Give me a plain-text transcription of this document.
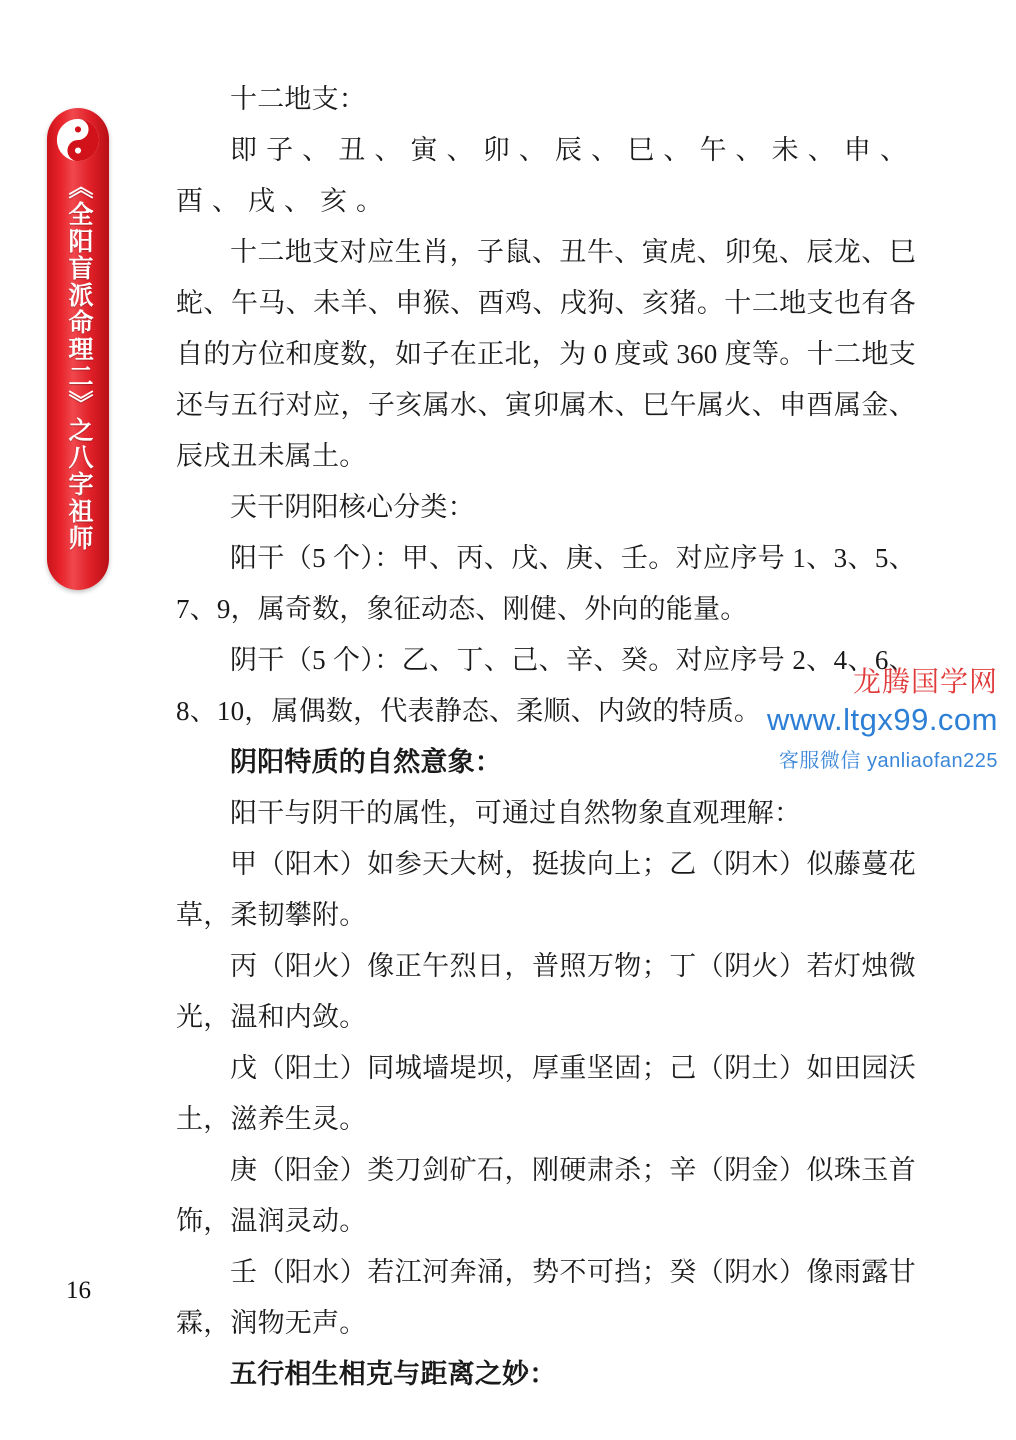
《全阳盲派命理二》之八字祖师

十二地支：

即子、丑、寅、卯、辰、巳、午、未、申、酉、戌、亥。

十二地支对应生肖，子鼠、丑牛、寅虎、卯兔、辰龙、巳蛇、午马、未羊、申猴、酉鸡、戌狗、亥猪。十二地支也有各自的方位和度数，如子在正北，为 0 度或 360 度等。十二地支还与五行对应，子亥属水、寅卯属木、巳午属火、申酉属金、辰戌丑未属土。

天干阴阳核心分类：

阳干（5 个）：甲、丙、戊、庚、壬。对应序号 1、3、5、7、9，属奇数，象征动态、刚健、外向的能量。

阴干（5 个）：乙、丁、己、辛、癸。对应序号 2、4、6、8、10，属偶数，代表静态、柔顺、内敛的特质。

阴阳特质的自然意象：

阳干与阴干的属性，可通过自然物象直观理解：

甲（阳木）如参天大树，挺拔向上；乙（阴木）似藤蔓花草，柔韧攀附。

丙（阳火）像正午烈日，普照万物；丁（阴火）若灯烛微光，温和内敛。

戊（阳土）同城墙堤坝，厚重坚固；己（阴土）如田园沃土，滋养生灵。

庚（阳金）类刀剑矿石，刚硬肃杀；辛（阴金）似珠玉首饰，温润灵动。

壬（阳水）若江河奔涌，势不可挡；癸（阴水）像雨露甘霖，润物无声。

五行相生相克与距离之妙：

16
龙腾国学网
www.ltgx99.com
客服微信 yanliaofan225
